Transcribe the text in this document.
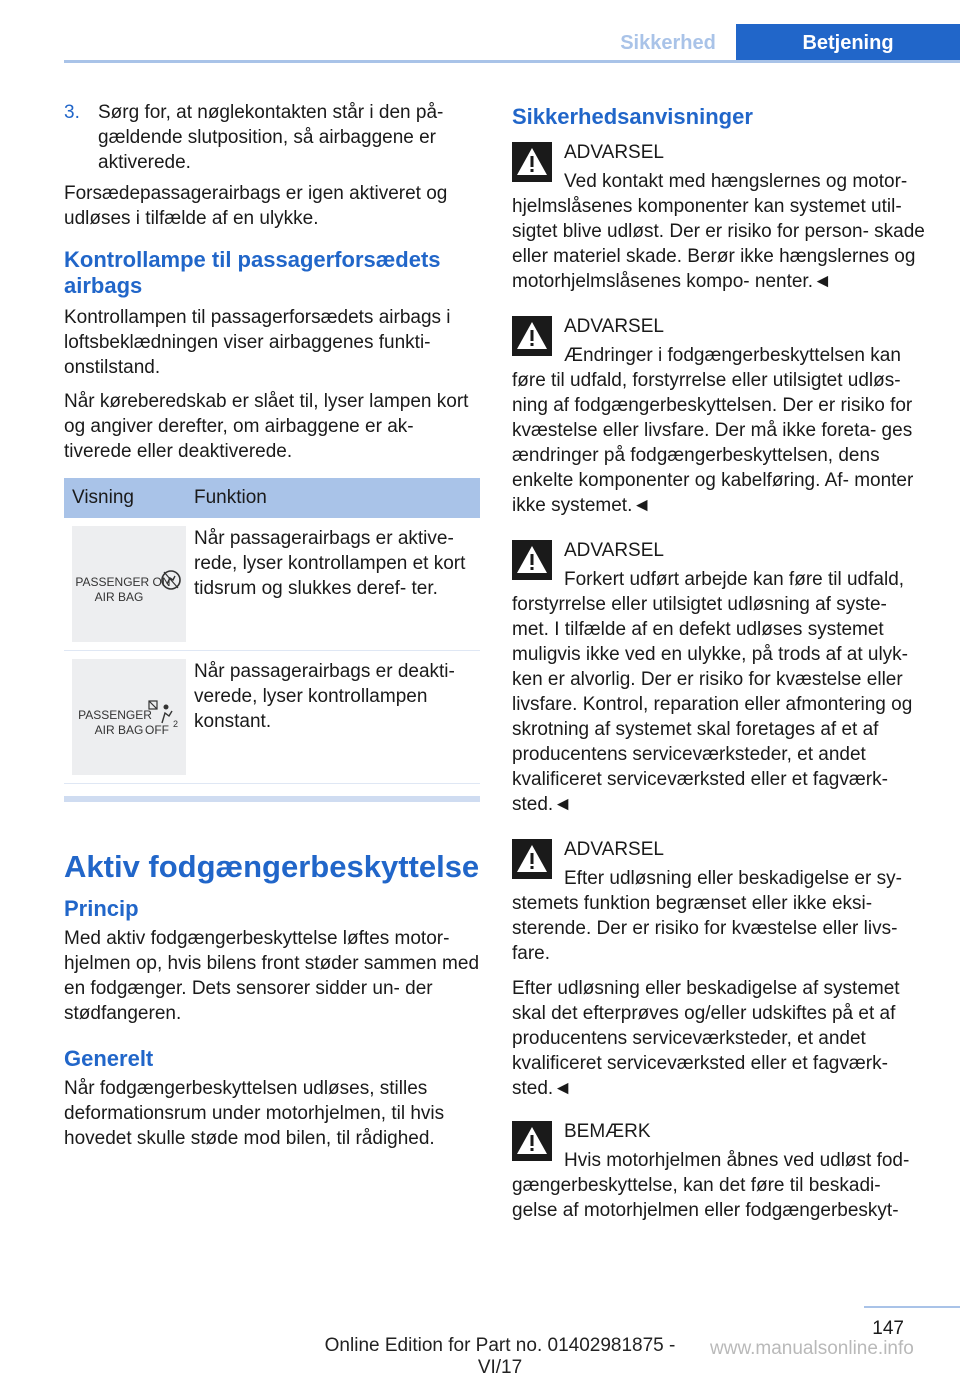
Sikkerhed	Betjening
3. Sørg for, at nøglekontakten står i den på- gældende slutposition, så airbaggene er aktiverede.

Forsædepassagerairbags er igen aktiveret og udløses i tilfælde af en ulykke.

Kontrollampe til passagerforsædets airbags

Kontrollampen til passagerforsædets airbags i loftsbeklædningen viser airbaggenes funkti- onstilstand.

Når køreberedskab er slået til, lyser lampen kort og angiver derefter, om airbaggene er ak- tiverede eller deaktiverede.

Visning	Funktion

PASSENGER ON
AIR BAG	Når passagerairbags er aktive- rede, lyser kontrollampen et kort tidsrum og slukkes deref- ter.

PASSENGER
AIR BAG OFF 2	Når passagerairbags er deakti- verede, lyser kontrollampen konstant.
Aktiv fodgængerbeskyttelse
Princip

Med aktiv fodgængerbeskyttelse løftes motor- hjelmen op, hvis bilens front støder sammen med en fodgænger. Dets sensorer sidder un- der stødfangeren.

Generelt

Når fodgængerbeskyttelsen udløses, stilles deformationsrum under motorhjelmen, til hvis hovedet skulle støde mod bilen, til rådighed.

Sikkerhedsanvisninger
ADVARSEL
Ved kontakt med hængslernes og motor-
hjelmslåsenes komponenter kan systemet util- sigtet blive udløst. Der er risiko for person- skade eller materiel skade. Berør ikke hængslernes og motorhjelmslåsenes kompo- nenter.◄
ADVARSEL
Ændringer i fodgængerbeskyttelsen kan
føre til udfald, forstyrrelse eller utilsigtet udløs- ning af fodgængerbeskyttelsen. Der er risiko for kvæstelse eller livsfare. Der må ikke foreta- ges ændringer på fodgængerbeskyttelsen, dens enkelte komponenter og kabelføring. Af- monter ikke systemet.◄
ADVARSEL
Forkert udført arbejde kan føre til udfald,
forstyrrelse eller utilsigtet udløsning af syste- met. I tilfælde af en defekt udløses systemet muligvis ikke ved en ulykke, på trods af at ulyk- ken er alvorlig. Der er risiko for kvæstelse eller livsfare. Kontrol, reparation eller afmontering og skrotning af systemet skal foretages af et af producentens serviceværksteder, et andet kvalificeret serviceværksted eller et fagværk- sted.◄
ADVARSEL
Efter udløsning eller beskadigelse er sy-
stemets funktion begrænset eller ikke eksi- sterende. Der er risiko for kvæstelse eller livs- fare.

Efter udløsning eller beskadigelse af systemet skal det efterprøves og/eller udskiftes på et af producentens serviceværksteder, et andet kvalificeret serviceværksted eller et fagværk- sted.◄

BEMÆRK
Hvis motorhjelmen åbnes ved udløst fod-
gængerbeskyttelse, kan det føre til beskadi- gelse af motorhjelmen eller fodgængerbeskyt-
147
Online Edition for Part no. 01402981875 - VI/17
www.manualsonline.info
